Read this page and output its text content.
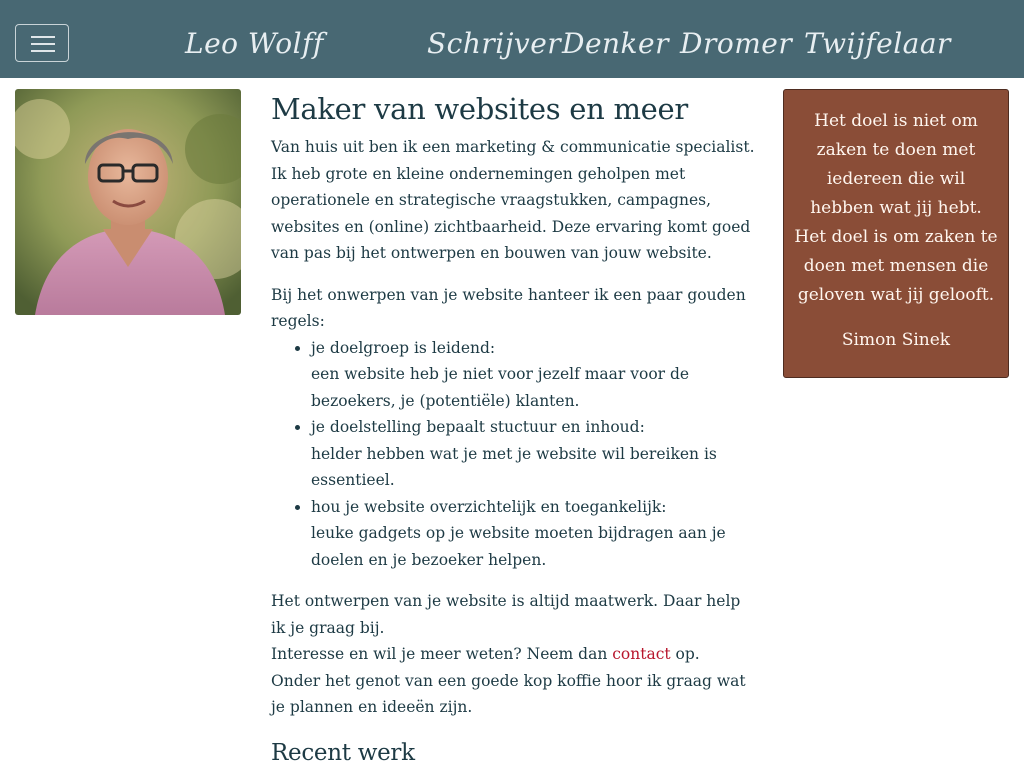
Leo Wolff	Schrijver Denker Dromer Twijfelaar
Maker van websites en meer

Van huis uit ben ik een marketing & communicatie specialist. Ik heb grote en kleine ondernemingen geholpen met operationele en strategische vraagstukken, campagnes, websites en (online) zichtbaarheid. Deze ervaring komt goed van pas bij het ontwerpen en bouwen van jouw website.

Bij het onwerpen van je website hanteer ik een paar gouden regels:

• je doelgroep is leidend:
een website heb je niet voor jezelf maar voor de bezoekers, je (potentiële) klanten.
• je doelstelling bepaalt stuctuur en inhoud:
helder hebben wat je met je website wil bereiken is essentieel.
• hou je website overzichtelijk en toegankelijk:
leuke gadgets op je website moeten bijdragen aan je doelen en je bezoeker helpen.

Het ontwerpen van je website is altijd maatwerk. Daar help ik je graag bij.
Interesse en wil je meer weten? Neem dan contact op.
Onder het genot van een goede kop koffie hoor ik graag wat je plannen en ideeën zijn.

Recent werk

Het doel is niet om zaken te doen met iedereen die wil hebben wat jij hebt.

Het doel is om zaken te doen met mensen die geloven wat jij gelooft.

Simon Sinek
